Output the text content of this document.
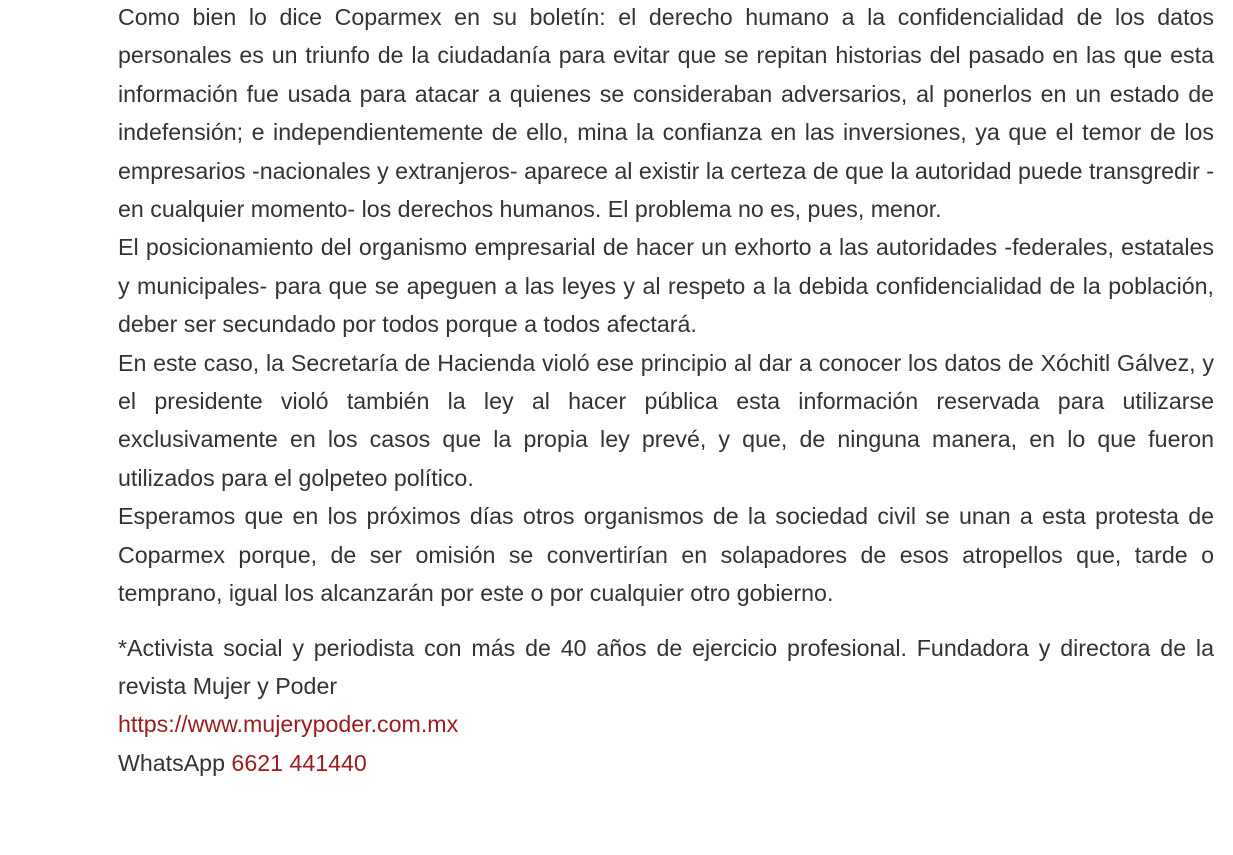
Como bien lo dice Coparmex en su boletín: el derecho humano a la confidencialidad de los datos personales es un triunfo de la ciudadanía para evitar que se repitan historias del pasado en las que esta información fue usada para atacar a quienes se consideraban adversarios, al ponerlos en un estado de indefensión; e independientemente de ello, mina la confianza en las inversiones, ya que el temor de los empresarios -nacionales y extranjeros- aparece al existir la certeza de que la autoridad puede transgredir -en cualquier momento- los derechos humanos. El problema no es, pues, menor.

El posicionamiento del organismo empresarial de hacer un exhorto a las autoridades -federales, estatales y municipales- para que se apeguen a las leyes y al respeto a la debida confidencialidad de la población, deber ser secundado por todos porque a todos afectará.

En este caso, la Secretaría de Hacienda violó ese principio al dar a conocer los datos de Xóchitl Gálvez, y el presidente violó también la ley al hacer pública esta información reservada para utilizarse exclusivamente en los casos que la propia ley prevé, y que, de ninguna manera, en lo que fueron utilizados para el golpeteo político.

Esperamos que en los próximos días otros organismos de la sociedad civil se unan a esta protesta de Coparmex porque, de ser omisión se convertirían en solapadores de esos atropellos que, tarde o temprano, igual los alcanzarán por este o por cualquier otro gobierno.

*Activista social y periodista con más de 40 años de ejercicio profesional. Fundadora y directora de la revista Mujer y Poder

https://www.mujerypoder.com.mx

WhatsApp 6621 441440
